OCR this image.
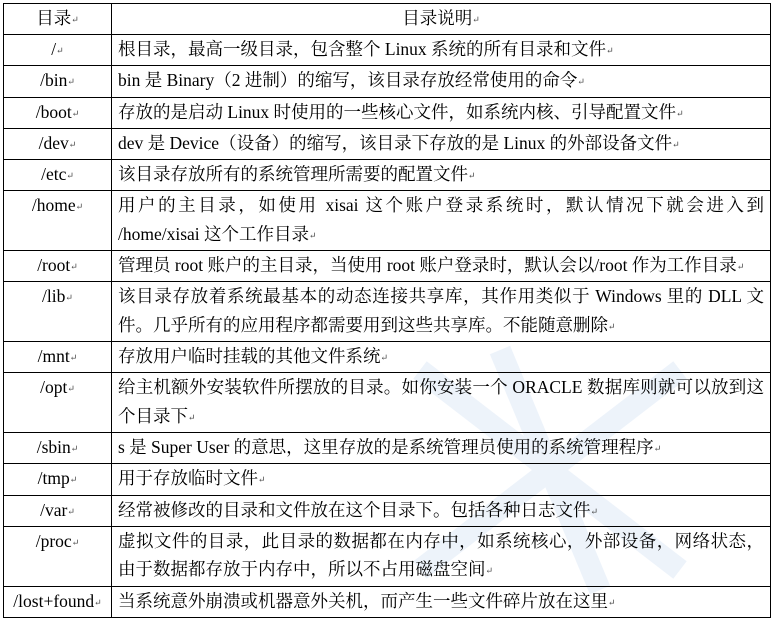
目录↵	目录说明↵
/↵	根目录，最高一级目录，包含整个 Linux 系统的所有目录和文件↵
/bin↵	bin 是 Binary（2 进制）的缩写，该目录存放经常使用的命令↵
/boot↵	存放的是启动 Linux 时使用的一些核心文件，如系统内核、引导配置文件↵
/dev↵	dev 是 Device（设备）的缩写，该目录下存放的是 Linux 的外部设备文件↵
/etc↵	该目录存放所有的系统管理所需要的配置文件↵
/home↵	用户的主目录，如使用 xisai 这个账户登录系统时，默认情况下就会进入到 /home/xisai 这个工作目录↵
/root↵	管理员 root 账户的主目录，当使用 root 账户登录时，默认会以/root 作为工作目录↵
/lib↵	该目录存放着系统最基本的动态连接共享库，其作用类似于 Windows 里的 DLL 文件。几乎所有的应用程序都需要用到这些共享库。不能随意删除↵
/mnt↵	存放用户临时挂载的其他文件系统↵
/opt↵	给主机额外安装软件所摆放的目录。如你安装一个 ORACLE 数据库则就可以放到这个目录下↵
/sbin↵	s 是 Super User 的意思，这里存放的是系统管理员使用的系统管理程序↵
/tmp↵	用于存放临时文件↵
/var↵	经常被修改的目录和文件放在这个目录下。包括各种日志文件↵
/proc↵	虚拟文件的目录，此目录的数据都在内存中，如系统核心，外部设备，网络状态，由于数据都存放于内存中，所以不占用磁盘空间↵
/lost+found↵	当系统意外崩溃或机器意外关机，而产生一些文件碎片放在这里↵
